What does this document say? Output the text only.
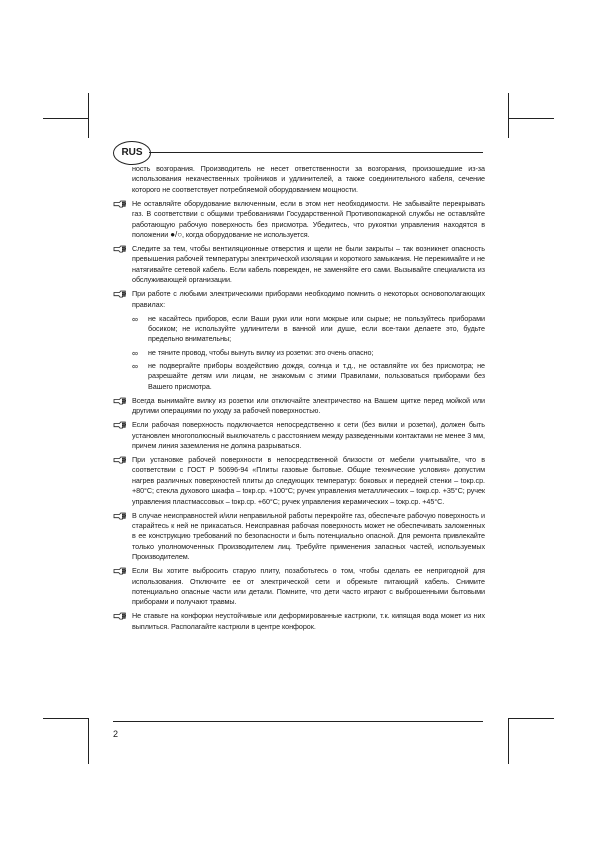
RUS
ность возгорания. Производитель не несет ответственности за возгорания, произошедшие из-за использования некачественных тройников и удлинителей, а также соединительного кабеля, сечение которого не соответствует потребляемой оборудованием мощности.
Не оставляйте оборудование включенным, если в этом нет необходимости. Не забывайте перекрывать газ. В соответствии с общими требованиями Государственной Противопожарной службы не оставляйте работающую рабочую поверхность без присмотра. Убедитесь, что рукоятки управления находятся в положении ●/○, когда оборудование не используется.
Следите за тем, чтобы вентиляционные отверстия и щели не были закрыты – так возникнет опасность превышения рабочей температуры электрической изоляции и короткого замыкания. Не пережимайте и не натягивайте сетевой кабель. Если кабель поврежден, не заменяйте его сами. Вызывайте специалиста из обслуживающей организации.
При работе с любыми электрическими приборами необходимо помнить о некоторых основополагающих правилах:
∞ не касайтесь приборов, если Ваши руки или ноги мокрые или сырые; не пользуйтесь приборами босиком; не используйте удлинители в ванной или душе, если все-таки делаете это, будьте предельно внимательны;
∞ не тяните провод, чтобы вынуть вилку из розетки: это очень опасно;
∞ не подвергайте приборы воздействию дождя, солнца и т.д., не оставляйте их без присмотра; не разрешайте детям или лицам, не знакомым с этими Правилами, пользоваться приборами без Вашего присмотра.
Всегда вынимайте вилку из розетки или отключайте электричество на Вашем щитке перед мойкой или другими операциями по уходу за рабочей поверхностью.
Если рабочая поверхность подключается непосредственно к сети (без вилки и розетки), должен быть установлен многополюсный выключатель с расстоянием между разведенными контактами не менее 3 мм, причем линия заземления не должна разрываться.
При установке рабочей поверхности в непосредственной близости от мебели учитывайте, что в соответствии с ГОСТ Р 50696-94 «Плиты газовые бытовые. Общие технические условия» допустим нагрев различных поверхностей плиты до следующих температур: боковых и передней стенки – tокр.ср. +80°С; стекла духового шкафа – tокр.ср. +100°С; ручек управления металлических – tокр.ср. +35°С; ручек управления пластмассовых – tокр.ср. +60°С; ручек управления керамических – tокр.ср. +45°С.
В случае неисправностей и/или неправильной работы перекройте газ, обеспечьте рабочую поверхность и старайтесь к ней не прикасаться. Неисправная рабочая поверхность может не обеспечивать заложенных в ее конструкцию требований по безопасности и быть потенциально опасной. Для ремонта привлекайте только уполномоченных Производителем лиц. Требуйте применения запасных частей, используемых Производителем.
Если Вы хотите выбросить старую плиту, позаботьтесь о том, чтобы сделать ее непригодной для использования. Отключите ее от электрической сети и обрежьте питающий кабель. Снимите потенциально опасные части или детали. Помните, что дети часто играют с выброшенными бытовыми приборами и получают травмы.
Не ставьте на конфорки неустойчивые или деформированные кастрюли, т.к. кипящая вода может из них выплиться. Располагайте кастрюли в центре конфорок.
2
